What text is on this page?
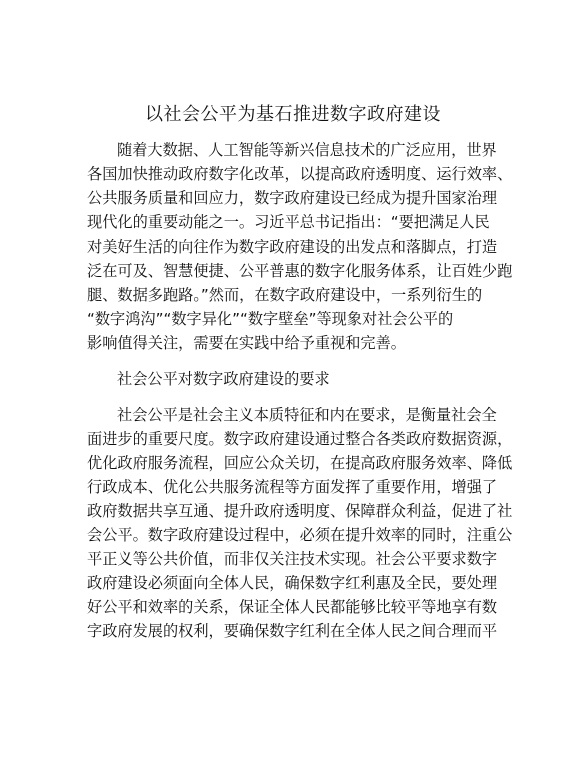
以社会公平为基石推进数字政府建设
随着大数据、人工智能等新兴信息技术的广泛应用，世界
各国加快推动政府数字化改革，以提高政府透明度、运行效率、
公共服务质量和回应力，数字政府建设已经成为提升国家治理
现代化的重要动能之一。习近平总书记指出：“要把满足人民
对美好生活的向往作为数字政府建设的出发点和落脚点，打造
泛在可及、智慧便捷、公平普惠的数字化服务体系，让百姓少跑
腿、数据多跑路。”然而，在数字政府建设中，一系列衍生的
“数字鸿沟”“数字异化”“数字壁垒”等现象对社会公平的
影响值得关注，需要在实践中给予重视和完善。
社会公平对数字政府建设的要求
社会公平是社会主义本质特征和内在要求，是衡量社会全
面进步的重要尺度。数字政府建设通过整合各类政府数据资源，
优化政府服务流程，回应公众关切，在提高政府服务效率、降低
行政成本、优化公共服务流程等方面发挥了重要作用，增强了
政府数据共享互通、提升政府透明度、保障群众利益，促进了社
会公平。数字政府建设过程中，必须在提升效率的同时，注重公
平正义等公共价值，而非仅关注技术实现。社会公平要求数字
政府建设必须面向全体人民，确保数字红利惠及全民，要处理
好公平和效率的关系，保证全体人民都能够比较平等地享有数
字政府发展的权利，要确保数字红利在全体人民之间合理而平
